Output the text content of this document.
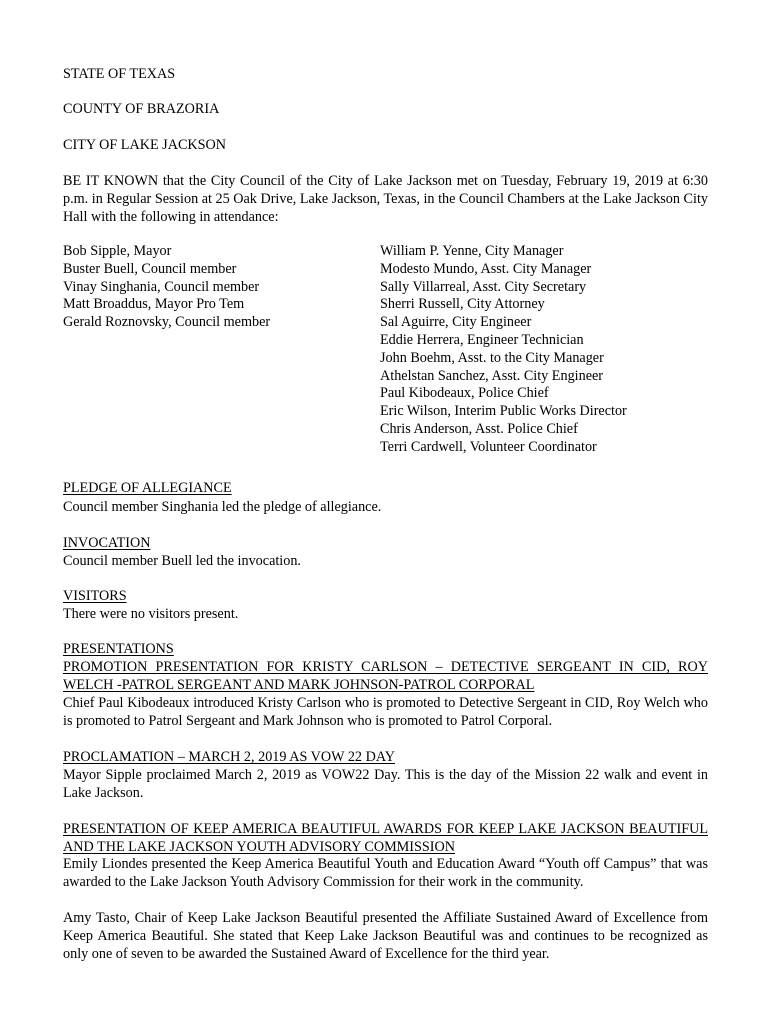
STATE OF TEXAS
COUNTY OF BRAZORIA
CITY OF LAKE JACKSON
BE IT KNOWN that the City Council of the City of Lake Jackson met on Tuesday, February 19, 2019 at 6:30 p.m. in Regular Session at 25 Oak Drive, Lake Jackson, Texas, in the Council Chambers at the Lake Jackson City Hall with the following in attendance:
Bob Sipple, Mayor
Buster Buell, Council member
Vinay Singhania, Council member
Matt Broaddus, Mayor Pro Tem
Gerald Roznovsky, Council member
William P. Yenne, City Manager
Modesto Mundo, Asst. City Manager
Sally Villarreal, Asst. City Secretary
Sherri Russell, City Attorney
Sal Aguirre, City Engineer
Eddie Herrera, Engineer Technician
John Boehm, Asst. to the City Manager
Athelstan Sanchez, Asst. City Engineer
Paul Kibodeaux, Police Chief
Eric Wilson, Interim Public Works Director
Chris Anderson, Asst. Police Chief
Terri Cardwell, Volunteer Coordinator
PLEDGE OF ALLEGIANCE
Council member Singhania led the pledge of allegiance.
INVOCATION
Council member Buell led the invocation.
VISITORS
There were no visitors present.
PRESENTATIONS
PROMOTION PRESENTATION FOR KRISTY CARLSON – DETECTIVE SERGEANT IN CID, ROY WELCH -PATROL SERGEANT AND MARK JOHNSON-PATROL CORPORAL
Chief Paul Kibodeaux introduced Kristy Carlson who is promoted to Detective Sergeant in CID, Roy Welch who is promoted to Patrol Sergeant and Mark Johnson who is promoted to Patrol Corporal.
PROCLAMATION – MARCH 2, 2019 AS VOW 22 DAY
Mayor Sipple proclaimed March 2, 2019 as VOW22 Day. This is the day of the Mission 22 walk and event in Lake Jackson.
PRESENTATION OF KEEP AMERICA BEAUTIFUL AWARDS FOR KEEP LAKE JACKSON BEAUTIFUL AND THE LAKE JACKSON YOUTH ADVISORY COMMISSION
Emily Liondes presented the Keep America Beautiful Youth and Education Award “Youth off Campus” that was awarded to the Lake Jackson Youth Advisory Commission for their work in the community.
Amy Tasto, Chair of Keep Lake Jackson Beautiful presented the Affiliate Sustained Award of Excellence from Keep America Beautiful. She stated that Keep Lake Jackson Beautiful was and continues to be recognized as only one of seven to be awarded the Sustained Award of Excellence for the third year.
